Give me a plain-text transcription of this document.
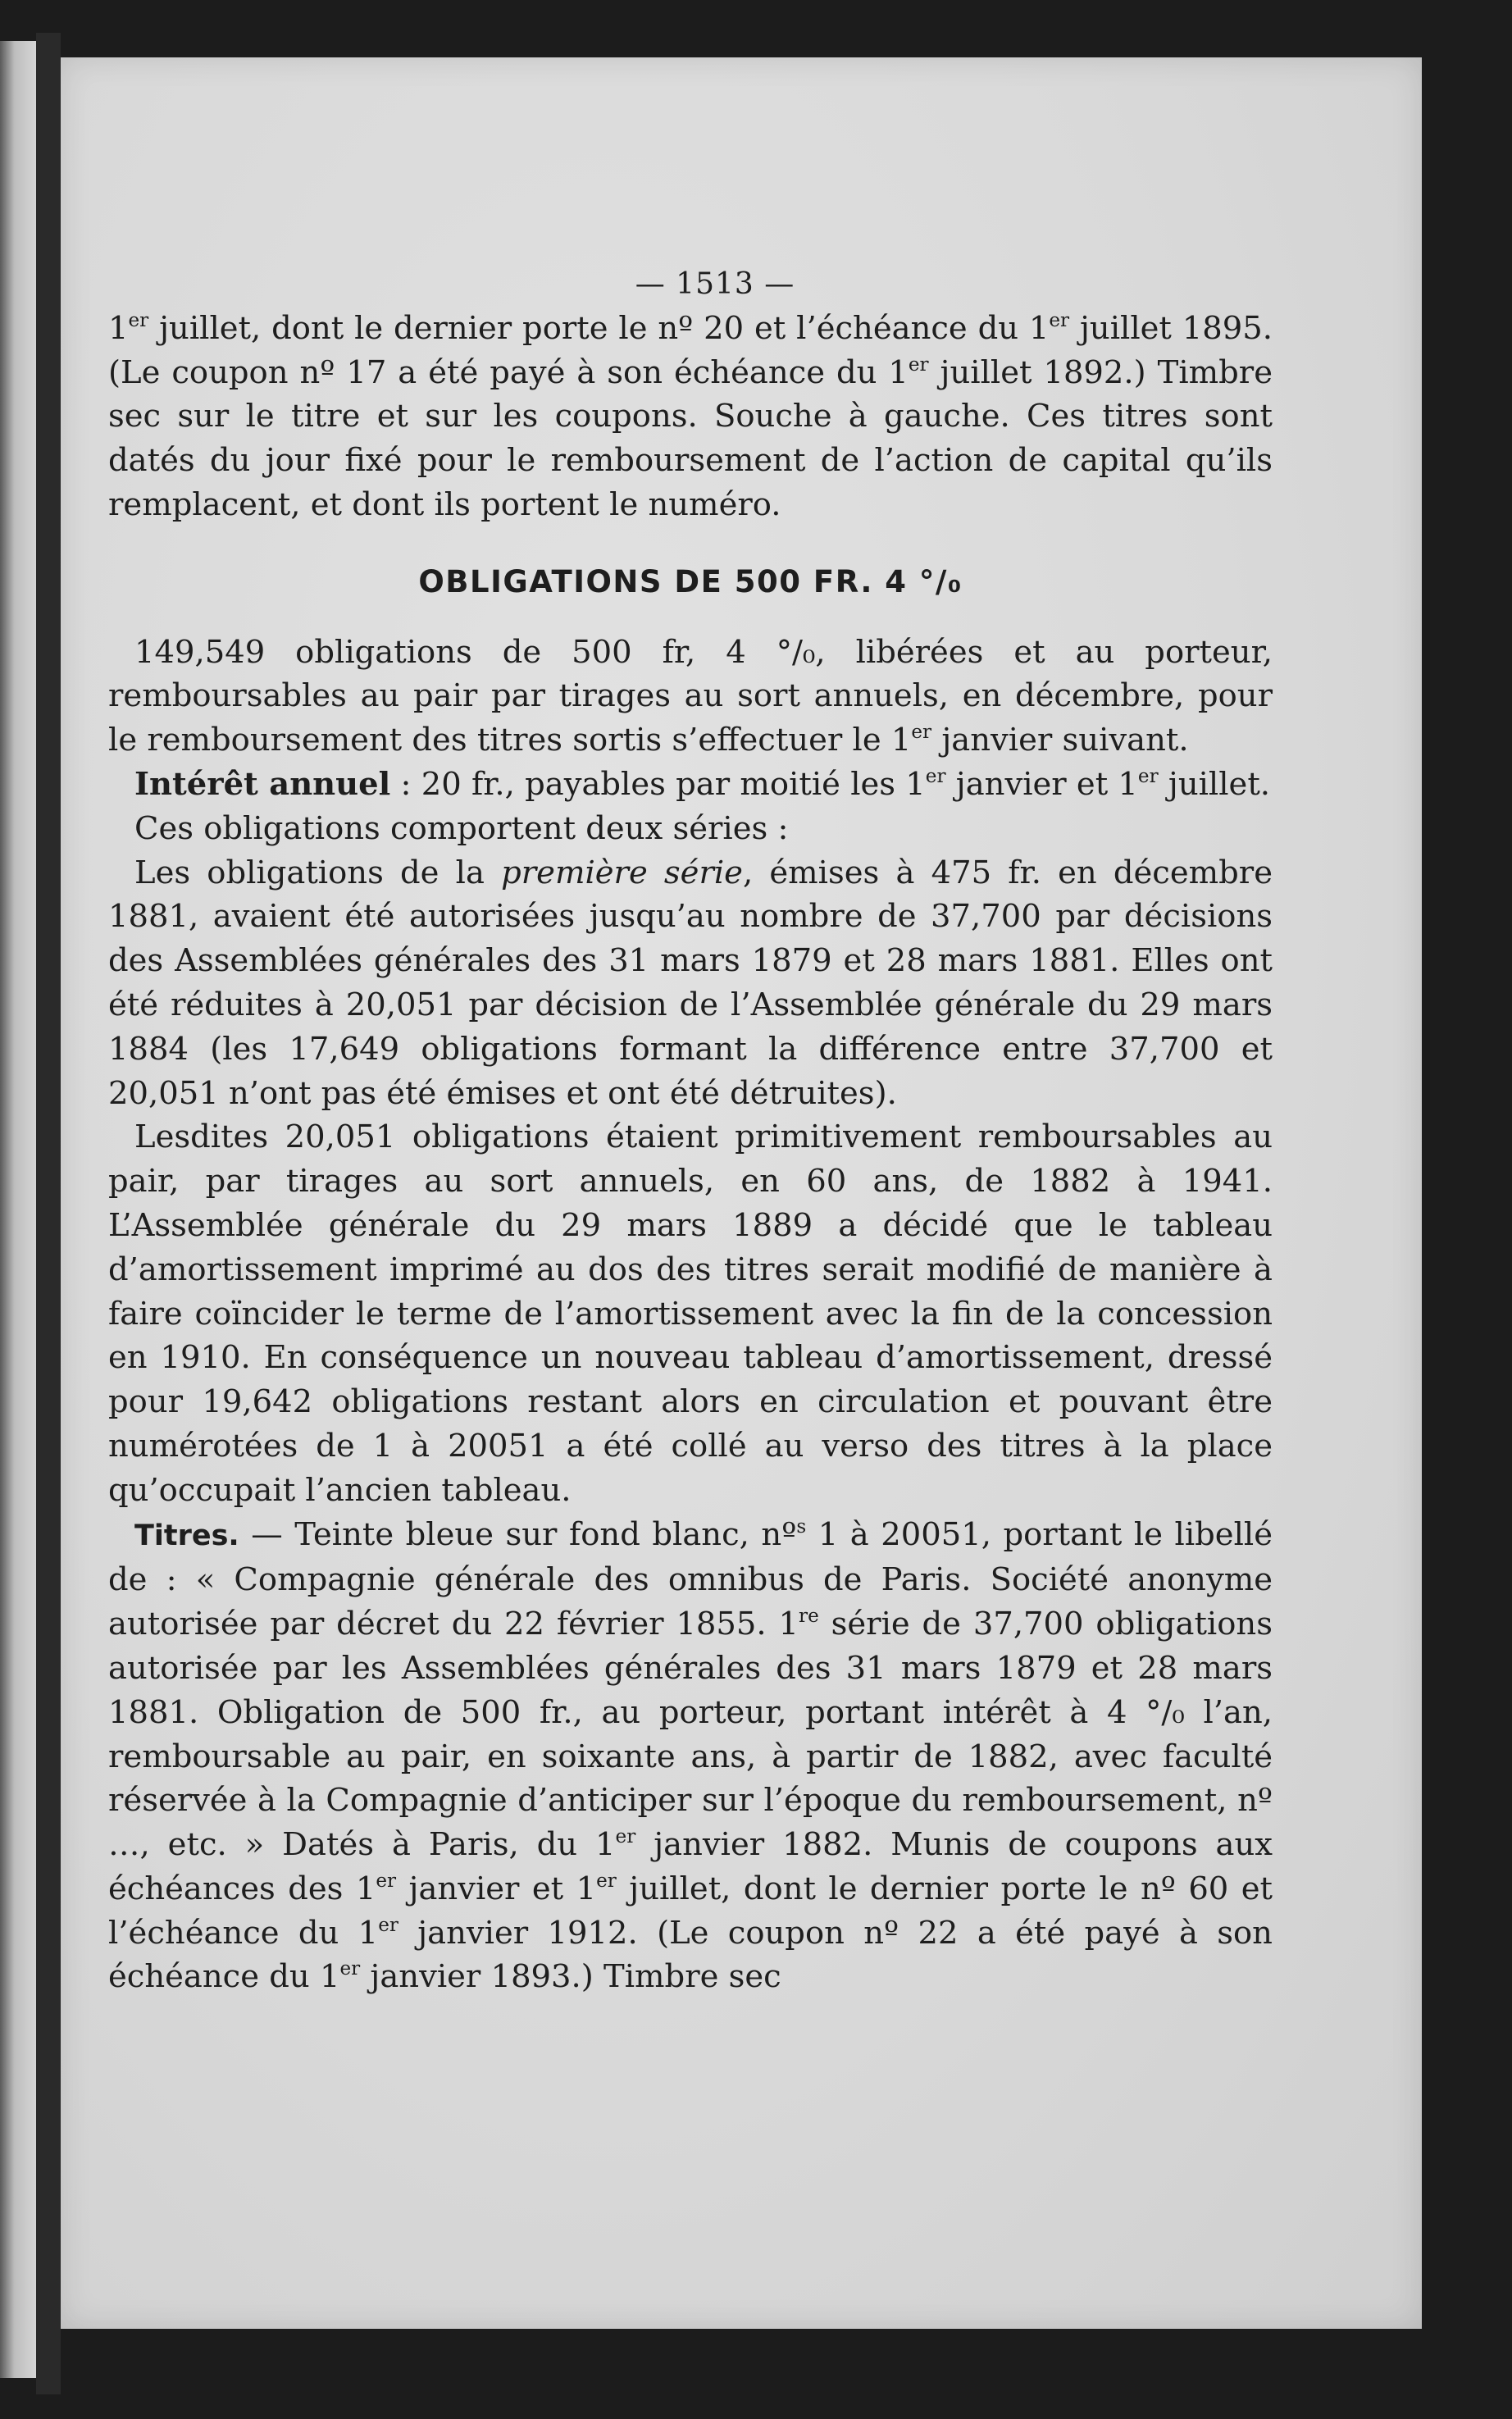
— 1513 —

1er juillet, dont le dernier porte le nº 20 et l’échéance du 1er juillet 1895. (Le coupon nº 17 a été payé à son échéance du 1er juillet 1892.) Timbre sec sur le titre et sur les coupons. Souche à gauche. Ces titres sont datés du jour fixé pour le remboursement de l’action de capital qu’ils remplacent, et dont ils portent le numéro.

OBLIGATIONS DE 500 FR. 4 °/₀

149,549 obligations de 500 fr, 4 °/₀, libérées et au porteur, remboursables au pair par tirages au sort annuels, en décembre, pour le remboursement des titres sortis s’effectuer le 1er janvier suivant.

Intérêt annuel : 20 fr., payables par moitié les 1er janvier et 1er juillet.

Ces obligations comportent deux séries :

Les obligations de la première série, émises à 475 fr. en décembre 1881, avaient été autorisées jusqu’au nombre de 37,700 par décisions des Assemblées générales des 31 mars 1879 et 28 mars 1881. Elles ont été réduites à 20,051 par décision de l’Assemblée générale du 29 mars 1884 (les 17,649 obligations formant la différence entre 37,700 et 20,051 n’ont pas été émises et ont été détruites).

Lesdites 20,051 obligations étaient primitivement remboursables au pair, par tirages au sort annuels, en 60 ans, de 1882 à 1941. L’Assemblée générale du 29 mars 1889 a décidé que le tableau d’amortissement imprimé au dos des titres serait modifié de manière à faire coïncider le terme de l’amortissement avec la fin de la concession en 1910. En conséquence un nouveau tableau d’amortissement, dressé pour 19,642 obligations restant alors en circulation et pouvant être numérotées de 1 à 20051 a été collé au verso des titres à la place qu’occupait l’ancien tableau.

Titres. — Teinte bleue sur fond blanc, nº$^s$ 1 à 20051, portant le libellé de : « Compagnie générale des omnibus de Paris. Société anonyme autorisée par décret du 22 février 1855. 1re série de 37,700 obligations autorisée par les Assemblées générales des 31 mars 1879 et 28 mars 1881. Obligation de 500 fr., au porteur, portant intérêt à 4 °/₀ l’an, remboursable au pair, en soixante ans, à partir de 1882, avec faculté réservée à la Compagnie d’anticiper sur l’époque du remboursement, nº …, etc. » Datés à Paris, du 1er janvier 1882. Munis de coupons aux échéances des 1er janvier et 1er juillet, dont le dernier porte le nº 60 et l’échéance du 1er janvier 1912. (Le coupon nº 22 a été payé à son échéance du 1er janvier 1893.) Timbre sec
